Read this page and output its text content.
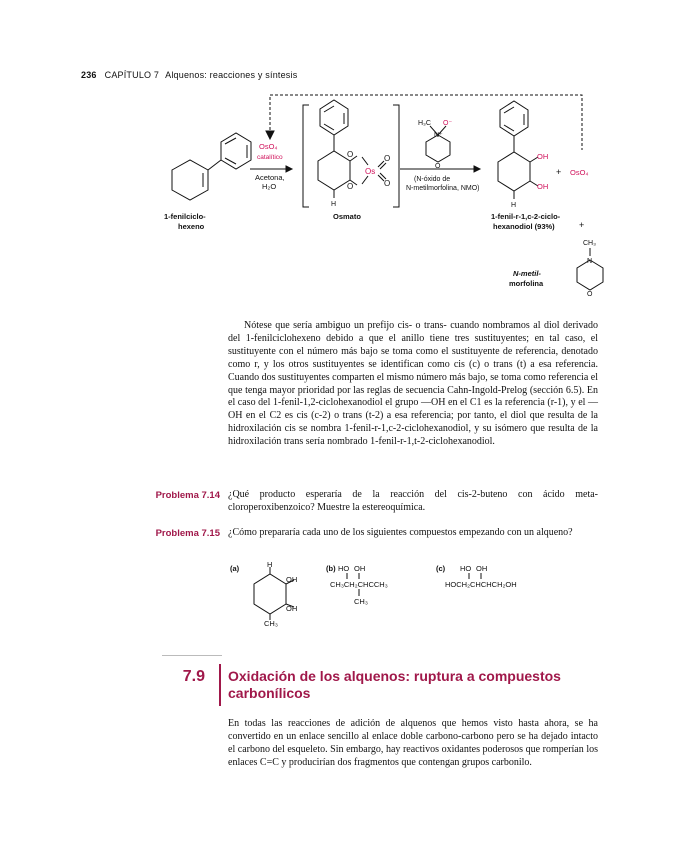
236 CAPÍTULO 7 Alquenos: reacciones y síntesis
OsO₄
catalítico
Acetona,
H₂O
1-fenilciclo-
hexeno
O
O
Os
O
O
H
Osmato
H₃C O⁻
N⁺
O
(N-óxido de
N-metilmorfolina, NMO)
OH
OH
H
1-fenil-r-1,c-2-ciclo-
hexanodiol (93%)
+ OsO₄
+
CH₃
N
O
N-metil-
morfolina

Nótese que sería ambiguo un prefijo cis- o trans- cuando nombramos al diol derivado del 1-fenilciclohexeno debido a que el anillo tiene tres sustituyentes; en tal caso, el sustituyente con el número más bajo se toma como el sustituyente de referencia, denotado como r, y los otros sustituyentes se identifican como cis (c) o trans (t) a esa referencia. Cuando dos sustituyentes comparten el mismo número más bajo, se toma como referencia el que tenga mayor prioridad por las reglas de secuencia Cahn-Ingold-Prelog (sección 6.5). En el caso del 1-fenil-1,2-ciclohexanodiol el grupo —OH en el C1 es la referencia (r-1), y el —OH en el C2 es cis (c-2) o trans (t-2) a esa referencia; por tanto, el diol que resulta de la hidroxilación cis se nombra 1-fenil-r-1,c-2-ciclohexanodiol, y su isómero que resulta de la hidroxilación trans sería nombrado 1-fenil-r-1,t-2-ciclohexanodiol.

Problema 7.14 ¿Qué producto esperaría de la reacción del cis-2-buteno con ácido meta-cloroperoxibenzoico? Muestre la estereoquímica.

Problema 7.15 ¿Cómo prepararía cada uno de los siguientes compuestos empezando con un alqueno?

(a)	H
OH
OH
CH₃
(b) HO OH
CH₃CH₂CHCCH₃
CH₃
(c) HO OH
HOCH₂CHCHCH₂OH
7.9 Oxidación de los alquenos: ruptura a compuestos carbonílicos

En todas las reacciones de adición de alquenos que hemos visto hasta ahora, se ha convertido en un enlace sencillo al enlace doble carbono-carbono pero se ha dejado intacto el carbono del esqueleto. Sin embargo, hay reactivos oxidantes poderosos que romperían los enlaces C=C y producirían dos fragmentos que contengan grupos carbonilo.
